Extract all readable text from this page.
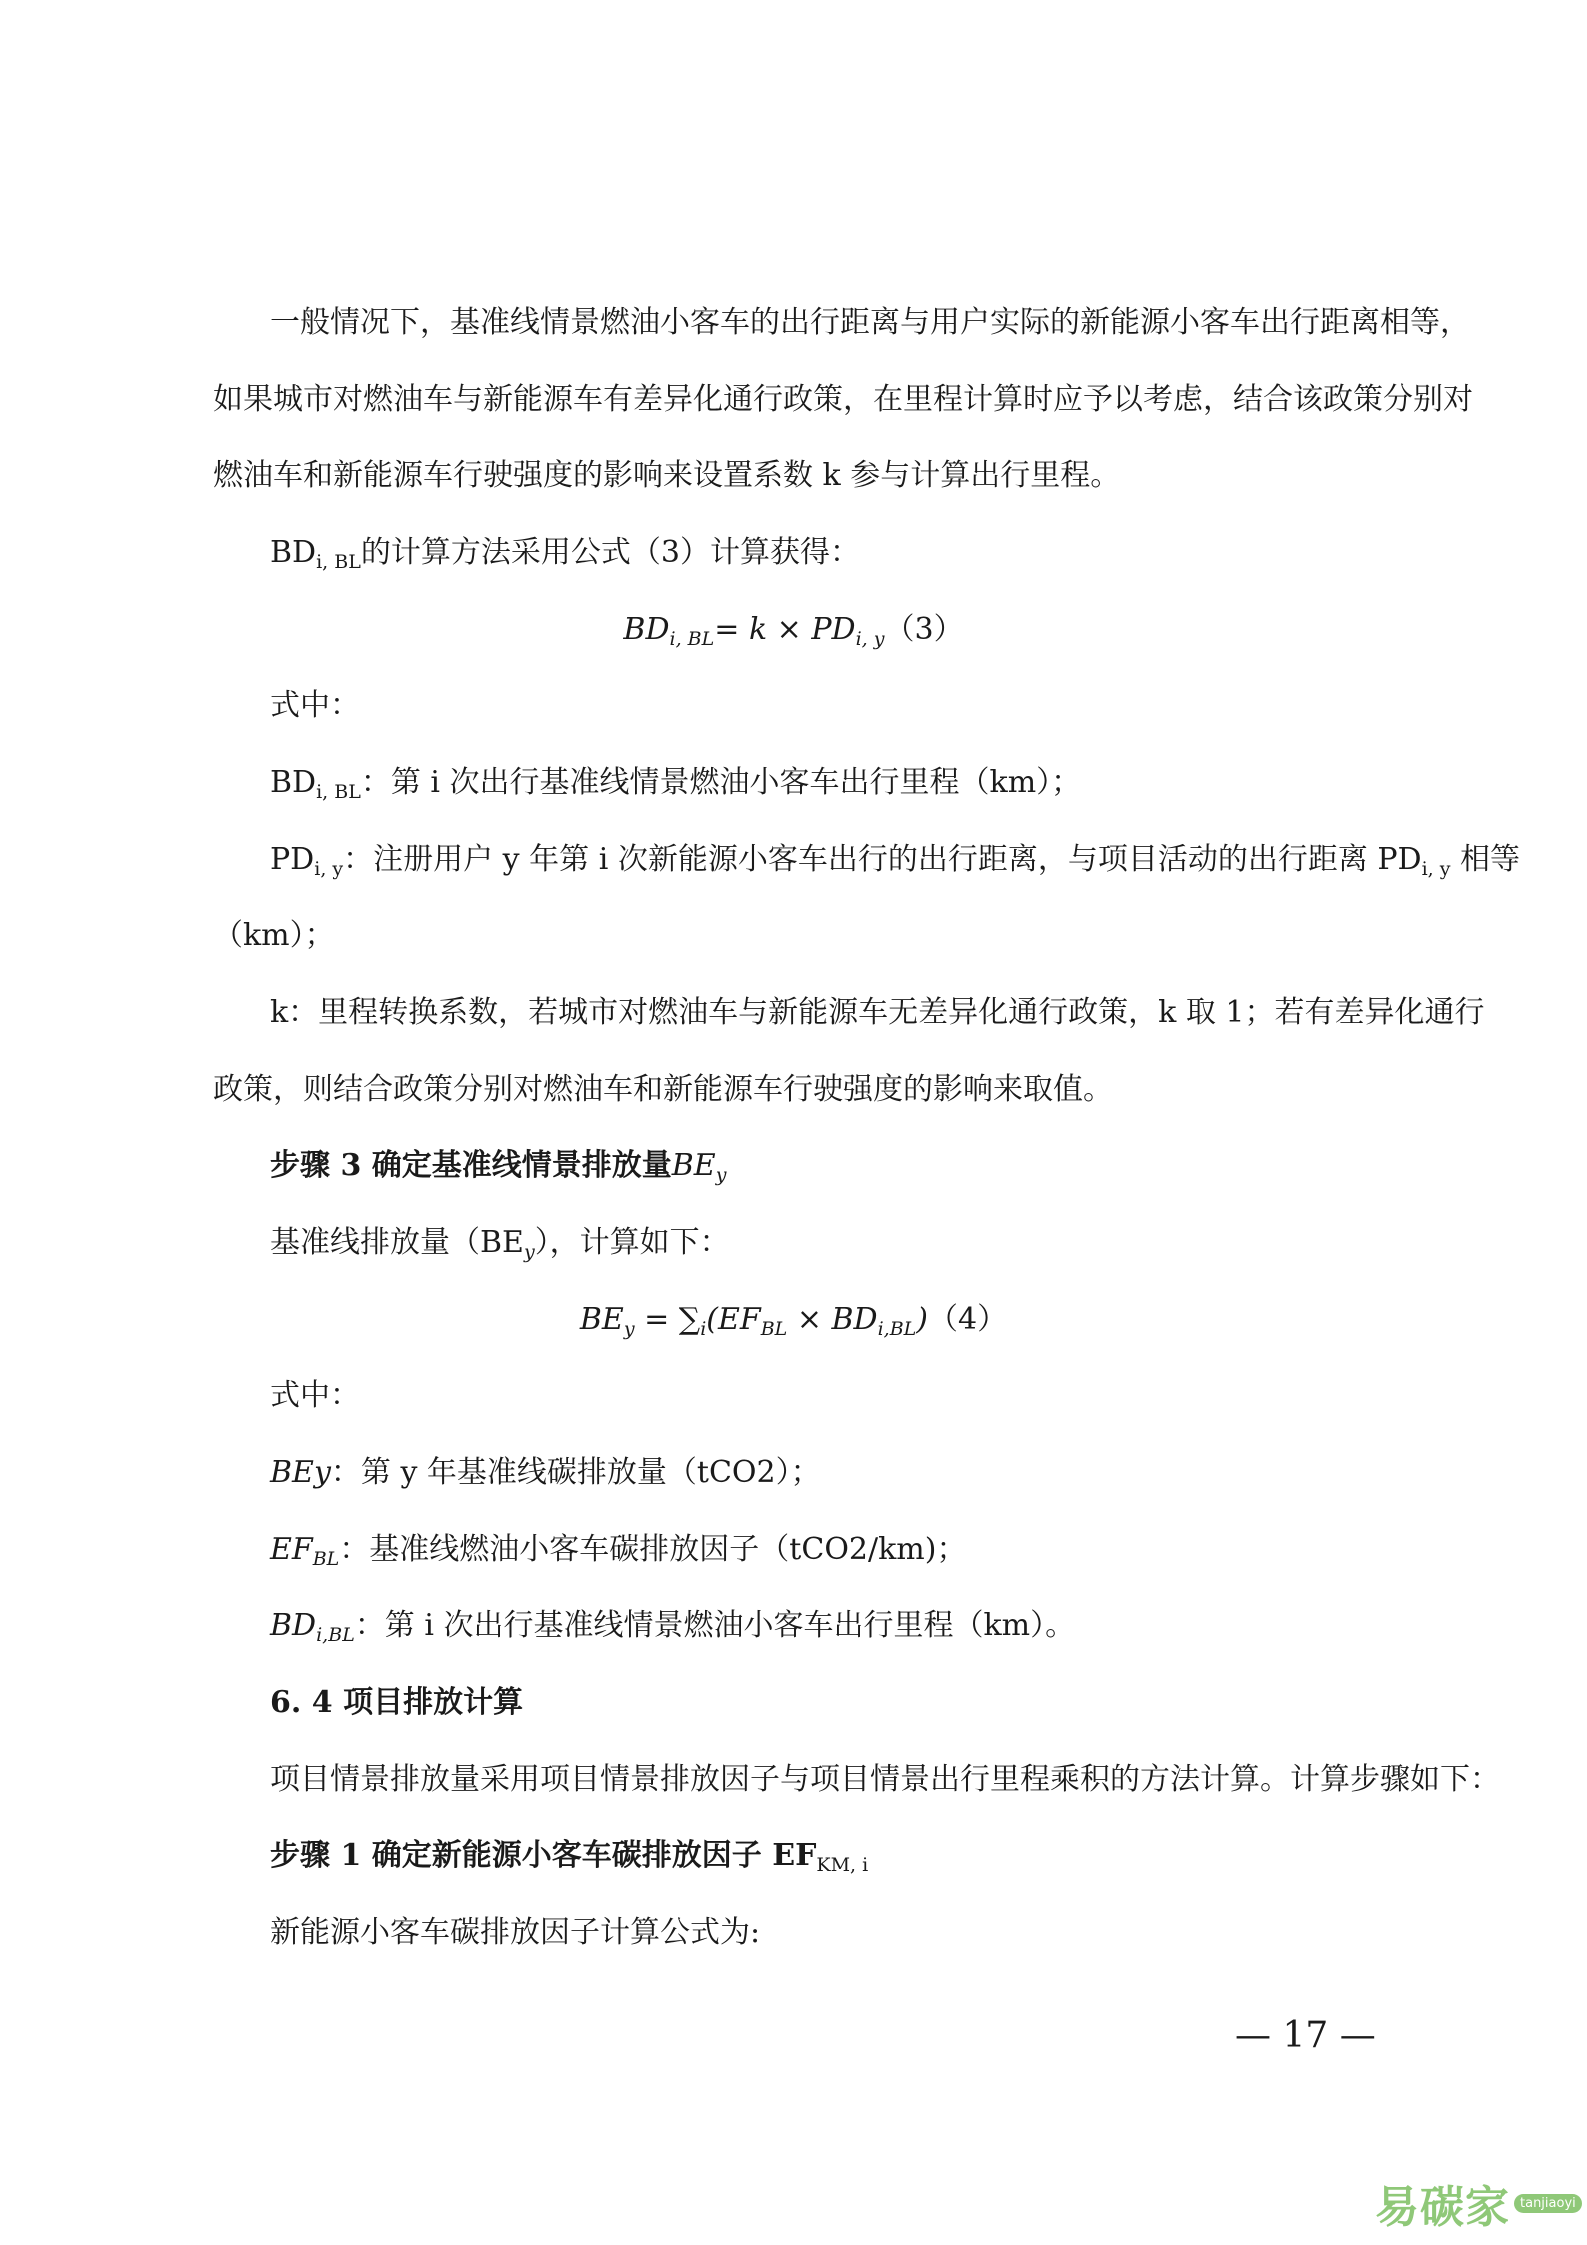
一般情况下，基准线情景燃油小客车的出行距离与用户实际的新能源小客车出行距离相等，
如果城市对燃油车与新能源车有差异化通行政策，在里程计算时应予以考虑，结合该政策分别对
燃油车和新能源车行驶强度的影响来设置系数 k 参与计算出行里程。
$BD_{i, BL}$的计算方法采用公式（3）计算获得：
$BD_{i, BL}= k \times PD_{i, y}(3)$
式中：
$BD_{i, BL}$：第 i 次出行基准线情景燃油小客车出行里程（km）；
$PD_{i, y}$：注册用户 y 年第 i 次新能源小客车出行的出行距离，与项目活动的出行距离 $PD_{i, y}$ 相等
（km）；
k：里程转换系数，若城市对燃油车与新能源车无差异化通行政策，k 取 1；若有差异化通行
政策，则结合政策分别对燃油车和新能源车行驶强度的影响来取值。
步骤 3 确定基准线情景排放量$BE_y$
基准线排放量$(BE_y)$，计算如下：
$BE_y = \sum_i(EF_{BL} \times BD_{i,BL})(4)$
式中：
BEy：第 y 年基准线碳排放量（tCO2）；
$EF_{BL}$：基准线燃油小客车碳排放因子（tCO2/km)；
$BD_{i,BL}$：第 i 次出行基准线情景燃油小客车出行里程（km）。
6. 4 项目排放计算
项目情景排放量采用项目情景排放因子与项目情景出行里程乘积的方法计算。计算步骤如下：
步骤 1 确定新能源小客车碳排放因子 $EF_{KM, i}$
新能源小客车碳排放因子计算公式为:
— 17 —
易碳家 tanjiaoyi
